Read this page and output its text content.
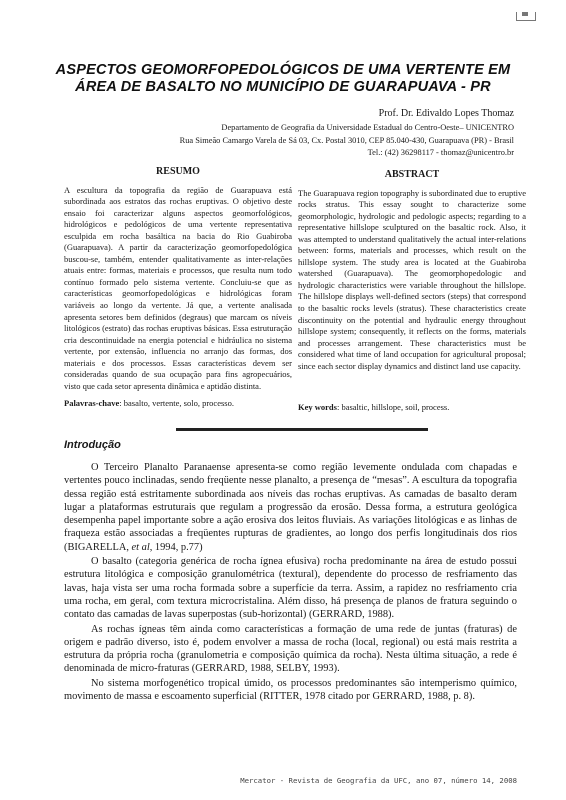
ASPECTOS GEOMORFOPEDOLÓGICOS DE UMA VERTENTE EM
ÁREA DE BASALTO NO MUNICÍPIO DE GUARAPUAVA - PR
Prof. Dr. Edivaldo Lopes Thomaz
Departamento de Geografia da Universidade Estadual do Centro-Oeste– UNICENTRO
Rua Simeão Camargo Varela de Sá 03, Cx. Postal 3010, CEP 85.040-430, Guarapuava (PR) - Brasil
Tel.: (42) 36298117 - thomaz@unicentro.br
RESUMO
A escultura da topografia da região de Guarapuava está subordinada aos estratos das rochas eruptivas. O objetivo deste ensaio foi caracterizar alguns aspectos geomorfológicos, hidrológicos e pedológicos de uma vertente representativa esculpida em rocha basáltica na bacia do Rio Guabiroba (Guarapuava). A partir da caracterização geomorfopedológica buscou-se, também, entender qualitativamente as inter-relações atuais entre: formas, materiais e processos, que resulta num todo contínuo formado pelo sistema vertente. Concluiu-se que as características geomorfopedológicas e hidrológicas foram variáveis ao longo da vertente. Já que, a vertente analisada apresenta setores bem definidos (degraus) que marcam os níveis litológicos (estrato) das rochas eruptivas básicas. Essa estruturação cria descontinuidade na energia potencial e hidráulica no sistema vertente, por extensão, influencia no arranjo das formas, dos materiais e dos processos. Essas características devem ser consideradas quando de sua ocupação para fins agropecuários, visto que cada setor apresenta dinâmica e aptidão distinta.
Palavras-chave: basalto, vertente, solo, processo.
ABSTRACT
The Guarapuava region topography is subordinated due to eruptive rocks stratus. This essay sought to characterize some geomorphologic, hydrologic and pedologic aspects; regarding to a representative hillslope sculptured on the basaltic rock. Also, it was attempted to understand qualitatively the actual inter-relations between: forms, materials and processes, which result on the hillslope system. The study area is located at the Guabiroba watershed (Guarapuava). The geomorphopedologic and hydrologic characteristics were variable throughout the hillslope. The hillslope displays well-defined sectors (steps) that correspond to the basaltic rocks levels (stratus). These characteristics create discontinuity on the potential and hydraulic energy throughout hillslope system; consequently, it reflects on the forms, materials and processes arrangement. These characteristics must be considered what time of land occupation for agricultural proposal; since each sector display dynamics and distinct land use capacity.
Key words: basaltic, hillslope, soil, process.
Introdução

O Terceiro Planalto Paranaense apresenta-se como região levemente ondulada com chapadas e vertentes pouco inclinadas, sendo freqüente nesse planalto, a presença de “mesas”. A escultura da topografia dessa região está estritamente subordinada aos níveis das rochas eruptivas. As camadas de basalto deram lugar a plataformas estruturais que regulam a progressão da erosão. Dessa forma, a estrutura geológica desempenha papel importante sobre a ação erosiva dos leitos fluviais. As variações litológicas e as linhas de fraqueza estão associadas a freqüentes rupturas de gradientes, ao longo dos perfis longitudinais dos rios (BIGARELLA, et al, 1994, p.77)

O basalto (categoria genérica de rocha ígnea efusiva) rocha predominante na área de estudo possui estrutura litológica e composição granulométrica (textural), dependente do processo de resfriamento das lavas, haja vista ser uma rocha formada sobre a superfície da terra. Assim, a rapidez no resfriamento cria uma rocha, em geral, com textura microcristalina. Além disso, há presença de planos de fratura seguindo o contato das camadas de lavas superpostas (sub-horizontal) (GERRARD, 1988).

As rochas ígneas têm ainda como características a formação de uma rede de juntas (fraturas) de origem e padrão diverso, isto é, podem envolver a massa de rocha (local, regional) ou está mais restrita a estrutura da própria rocha (granulometria e composição química da rocha). Nesta última situação, a rede é denominada de micro-fraturas (GERRARD, 1988, SELBY, 1993).

No sistema morfogenético tropical úmido, os processos predominantes são intemperismo químico, movimento de massa e escoamento superficial (RITTER, 1978 citado por GERRARD, 1988, p. 8).

Mercator - Revista de Geografia da UFC, ano 07, número 14, 2008
